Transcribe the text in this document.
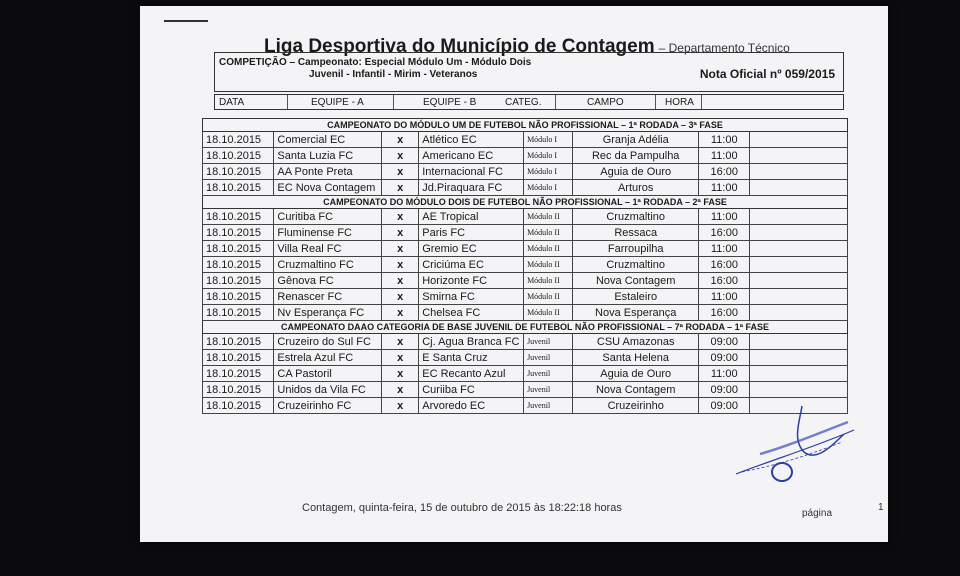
Liga Desportiva do Município de Contagem – Departamento Técnico
COMPETIÇÃO – Campeonato: Especial Módulo Um - Módulo Dois
Juvenil - Infantil - Mirim - Veteranos	Nota Oficial nº 059/2015
DATA	EQUIPE - A	EQUIPE - B	CATEG.	CAMPO	HORA
CAMPEONATO DO MÓDULO UM DE FUTEBOL NÃO PROFISSIONAL – 1ª RODADA – 3ª FASE							
18.10.2015	Comercial EC	x	Atlético EC	Módulo I	Granja Adélia	11:00	
18.10.2015	Santa Luzia FC	x	Americano EC	Módulo I	Rec da Pampulha	11:00	
18.10.2015	AA Ponte Preta	x	Internacional FC	Módulo I	Aguia de Ouro	16:00	
18.10.2015	EC Nova Contagem	x	Jd.Piraquara FC	Módulo I	Arturos	11:00	
CAMPEONATO DO MÓDULO DOIS DE FUTEBOL NÃO PROFISSIONAL – 1ª RODADA – 2ª FASE							
18.10.2015	Curitiba FC	x	AE Tropical	Módulo II	Cruzmaltino	11:00	
18.10.2015	Fluminense FC	x	Paris FC	Módulo II	Ressaca	16:00	
18.10.2015	Villa Real FC	x	Gremio EC	Módulo II	Farroupilha	11:00	
18.10.2015	Cruzmaltino FC	x	Criciúma EC	Módulo II	Cruzmaltino	16:00	
18.10.2015	Gênova FC	x	Horizonte FC	Módulo II	Nova Contagem	16:00	
18.10.2015	Renascer FC	x	Smirna FC	Módulo II	Estaleiro	11:00	
18.10.2015	Nv Esperança FC	x	Chelsea FC	Módulo II	Nova Esperança	16:00	
CAMPEONATO DAAO CATEGORIA DE BASE JUVENIL DE FUTEBOL NÃO PROFISSIONAL – 7ª RODADA – 1ª FASE							
18.10.2015	Cruzeiro do Sul FC	x	Cj. Agua Branca FC	Juvenil	CSU Amazonas	09:00	
18.10.2015	Estrela Azul FC	x	E Santa Cruz	Juvenil	Santa Helena	09:00	
18.10.2015	CA Pastoril	x	EC Recanto Azul	Juvenil	Aguia de Ouro	11:00	
18.10.2015	Unidos da Vila FC	x	Curiiba FC	Juvenil	Nova Contagem	09:00	
18.10.2015	Cruzeirinho FC	x	Arvoredo EC	Juvenil	Cruzeirinho	09:00	
Contagem, quinta-feira, 15 de outubro de 2015 às 18:22:18 horas	página
1
